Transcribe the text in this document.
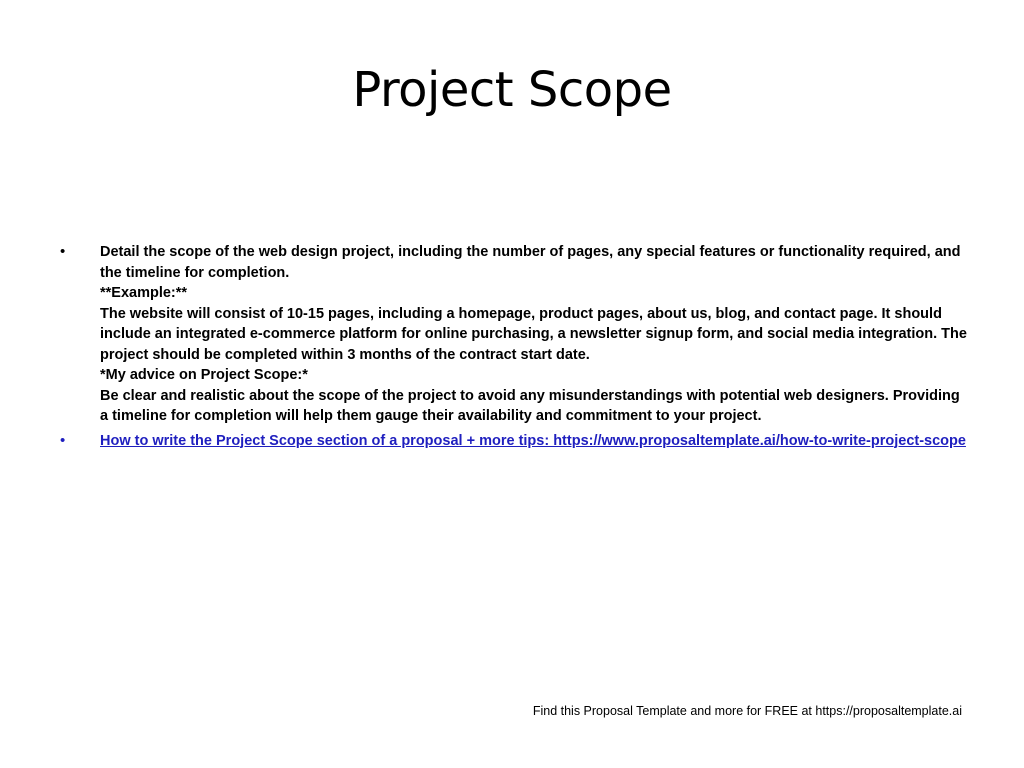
Project Scope
• Detail the scope of the web design project, including the number of pages, any special features or functionality required, and the timeline for completion.
**Example:**
The website will consist of 10-15 pages, including a homepage, product pages, about us, blog, and contact page. It should include an integrated e-commerce platform for online purchasing, a newsletter signup form, and social media integration. The project should be completed within 3 months of the contract start date.
*My advice on Project Scope:*
Be clear and realistic about the scope of the project to avoid any misunderstandings with potential web designers. Providing a timeline for completion will help them gauge their availability and commitment to your project.
• How to write the Project Scope section of a proposal + more tips: https://www.proposaltemplate.ai/how-to-write-project-scope
Find this Proposal Template and more for FREE at https://proposaltemplate.ai
